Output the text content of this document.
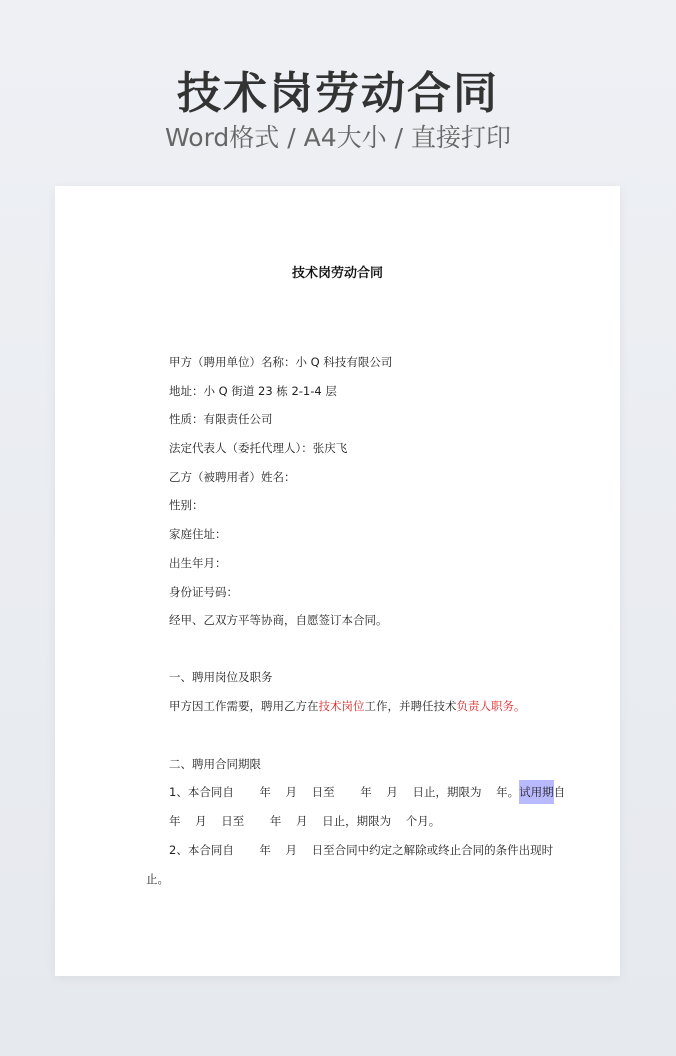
技术岗劳动合同
Word格式 / A4大小 / 直接打印
技术岗劳动合同
甲方（聘用单位）名称：小 Q 科技有限公司
地址：小 Q 街道 23 栋 2-1-4 层
性质：有限责任公司
法定代表人（委托代理人）：张庆飞
乙方（被聘用者）姓名：
性别：
家庭住址：
出生年月：
身份证号码：
经甲、乙双方平等协商，自愿签订本合同。
一、聘用岗位及职务
甲方因工作需要，聘用乙方在技术岗位工作，并聘任技术负责人职务。
二、聘用合同期限
1、本合同自       年    月    日至       年    月    日止，期限为    年。试用期自
年    月    日至       年    月    日止，期限为    个月。
2、本合同自       年    月    日至合同中约定之解除或终止合同的条件出现时
止。
